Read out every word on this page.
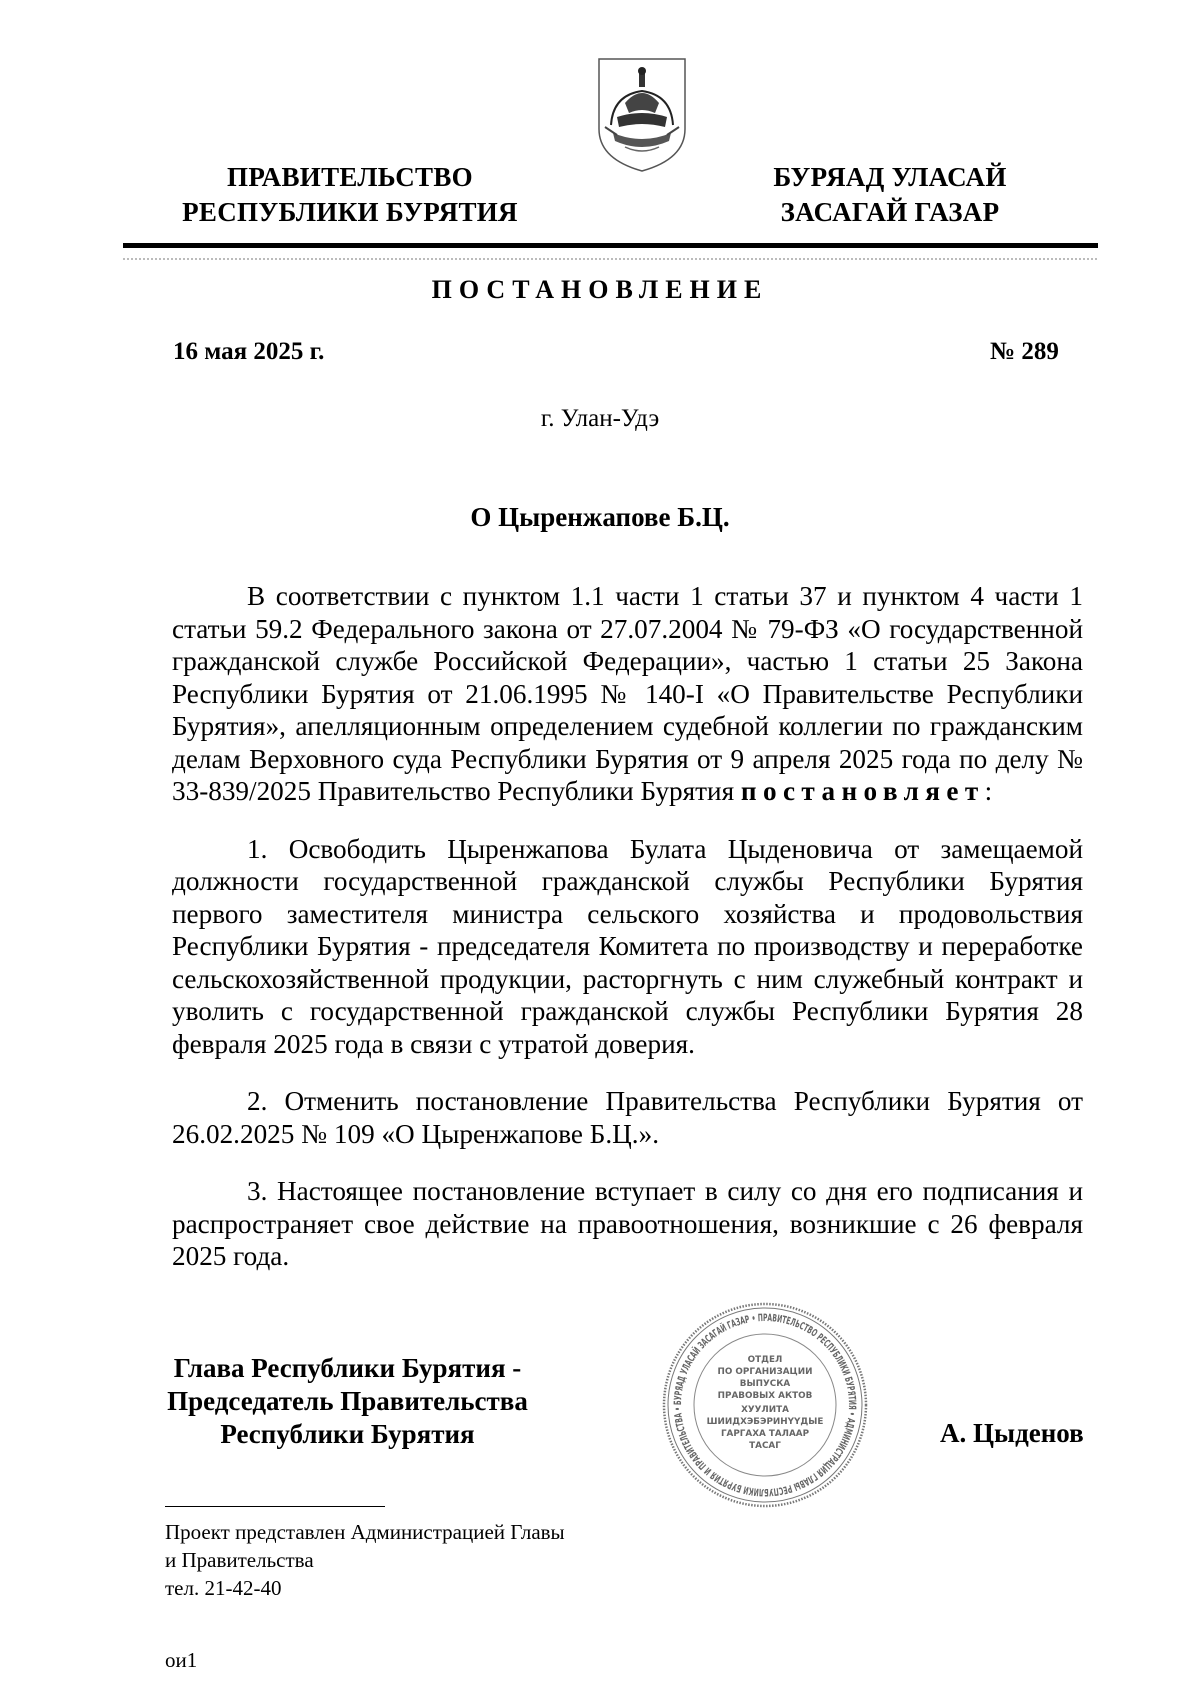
ПРАВИТЕЛЬСТВО
РЕСПУБЛИКИ БУРЯТИЯ
БУРЯАД УЛАСАЙ
ЗАСАГАЙ ГАЗАР
ПОСТАНОВЛЕНИЕ
16 мая 2025 г.	№ 289
г. Улан-Удэ
О Цыренжапове Б.Ц.

В соответствии с пунктом 1.1 части 1 статьи 37 и пунктом 4 части 1 статьи 59.2 Федерального закона от 27.07.2004 № 79-ФЗ «О государственной гражданской службе Российской Федерации», частью 1 статьи 25 Закона Республики Бурятия от 21.06.1995 № 140-I «О Правительстве Республики Бурятия», апелляционным определением судебной коллегии по гражданским делам Верховного суда Республики Бурятия от 9 апреля 2025 года по делу № 33-839/2025 Правительство Республики Бурятия постановляет:

1. Освободить Цыренжапова Булата Цыденовича от замещаемой должности государственной гражданской службы Республики Бурятия первого заместителя министра сельского хозяйства и продовольствия Республики Бурятия - председателя Комитета по производству и переработке сельскохозяйственной продукции, расторгнуть с ним служебный контракт и уволить с государственной гражданской службы Республики Бурятия 28 февраля 2025 года в связи с утратой доверия.

2. Отменить постановление Правительства Республики Бурятия от 26.02.2025 № 109 «О Цыренжапове Б.Ц.».

3. Настоящее постановление вступает в силу со дня его подписания и распространяет свое действие на правоотношения, возникшие с 26 февраля 2025 года.

БУРЯАД УЛАСАЙ ЗАСАГАЙ ГАЗАР • ПРАВИТЕЛЬСТВО РЕСПУБЛИКИ БУРЯТИЯ • АДМИНИСТРАЦИЯ ГЛАВЫ РЕСПУБЛИКИ БУРЯТИЯ И ПРАВИТЕЛЬСТВА •
ОТДЕЛ
ПО ОРГАНИЗАЦИИ
ВЫПУСКА
ПРАВОВЫХ АКТОВ
ХУУЛИТА
ШИИДХЭБЭРИНҮҮДЫЕ
ГАРГАХА ТАЛААР
ТАСАГ
Глава Республики Бурятия -
Председатель Правительства
Республики Бурятия	А. Цыденов
Проект представлен Администрацией Главы
и Правительства
тел. 21-42-40
ои1
